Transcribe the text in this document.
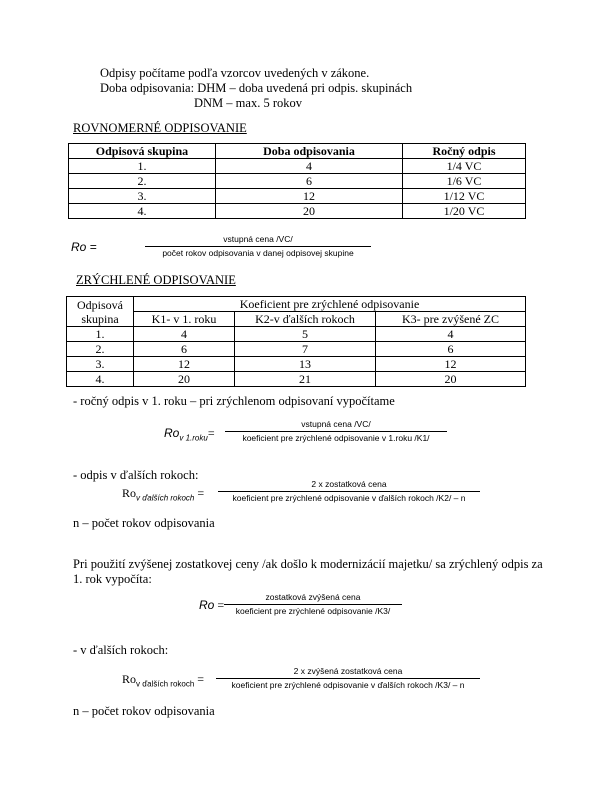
Odpisy počítame podľa vzorcov uvedených v zákone.
Doba odpisovania: DHM – doba uvedená pri odpis. skupinách
DNM – max. 5 rokov
ROVNOMERNÉ ODPISOVANIE
Odpisová skupina	Doba odpisovania	Ročný odpis
1.	4	1/4 VC
2.	6	1/6 VC
3.	12	1/12 VC
4.	20	1/20 VC
Ro =
vstupná cena /VC/
počet rokov odpisovania v danej odpisovej skupine
ZRÝCHLENÉ ODPISOVANIE
Odpisová
skupina	Koeficient pre zrýchlené odpisovanie		
	K1- v 1. roku	K2-v ďalších rokoch	K3- pre zvýšené ZC
1.	4	5	4
2.	6	7	6
3.	12	13	12
4.	20	21	20
- ročný odpis v 1. roku – pri zrýchlenom odpisovaní vypočítame
$Ro_{v 1.roku}=$
vstupná cena /VC/
koeficient pre zrýchlené odpisovanie v 1.roku /K1/
- odpis v ďalších rokoch:
$Ro_{v ďalších rokoch}$ =
2 x zostatková cena
koeficient pre zrýchlené odpisovanie v ďalších rokoch /K2/ – n
n – počet rokov odpisovania
Pri použití zvýšenej zostatkovej ceny /ak došlo k modernizácií majetku/ sa zrýchlený odpis za
1. rok vypočíta:
Ro =
zostatková zvýšená cena
koeficient pre zrýchlené odpisovanie /K3/
- v ďalších rokoch:
$Ro_{v ďalších rokoch}$ =
2 x zvýšená zostatková cena
koeficient pre zrýchlené odpisovanie v ďalších rokoch /K3/ – n
n – počet rokov odpisovania
